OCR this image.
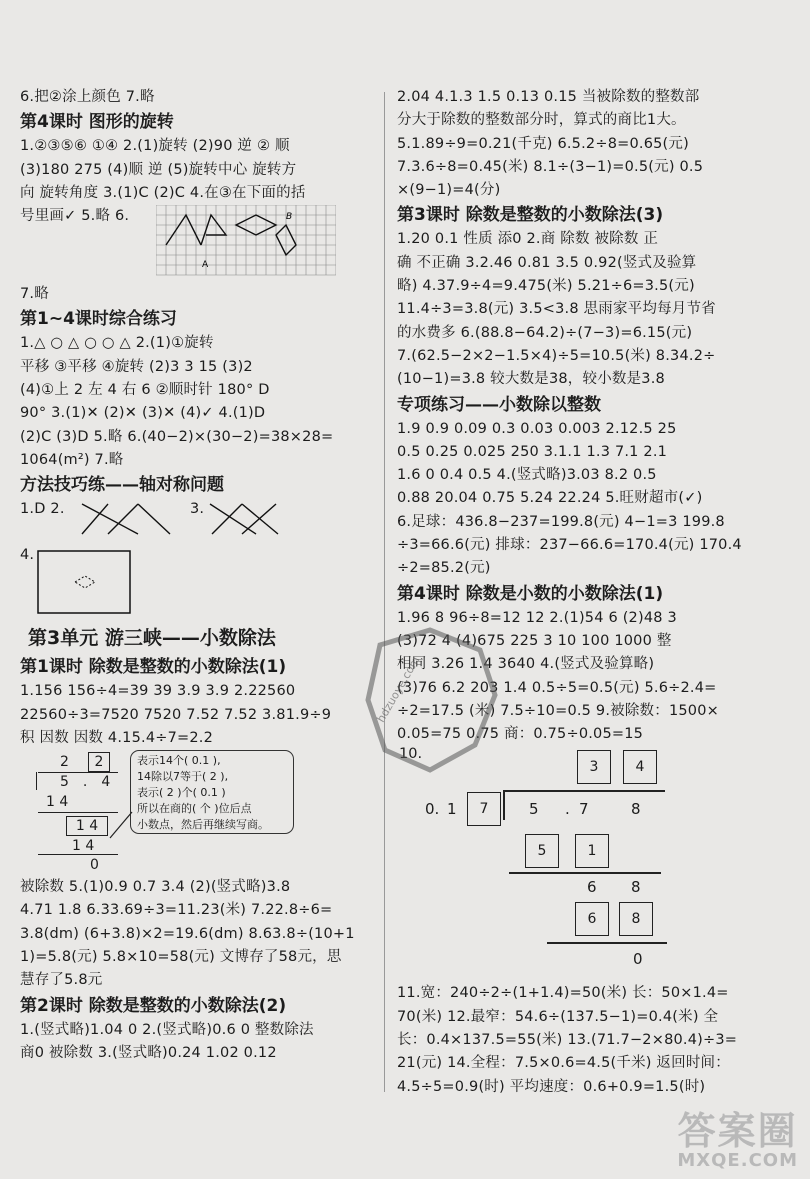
6.把②涂上颜色 7.略
第4课时 图形的旋转
1.②③⑤⑥ ①④ 2.(1)旋转 (2)90 逆 ② 顺
(3)180 275 (4)顺 逆 (5)旋转中心 旋转方
向 旋转角度 3.(1)C (2)C 4.在③在下面的括
号里画✓ 5.略 6.
A
B
7.略
第1~4课时综合练习
1.△ ○ △ ○ ○ △ 2.(1)①旋转
平移 ③平移 ④旋转 (2)3 3 15 (3)2
(4)①上 2 左 4 右 6 ②顺时针 180° D
90° 3.(1)✕ (2)✕ (3)✕ (4)✓ 4.(1)D
(2)C (3)D 5.略 6.(40−2)×(30−2)=38×28=
1064(m²) 7.略
方法技巧练——轴对称问题
1.D 2.	3.
4.
第3单元 游三峡——小数除法
第1课时 除数是整数的小数除法(1)
1.156 156÷4=39 39 3.9 3.9 2.22560
22560÷3=7520 7520 7.52 7.52 3.81.9÷9
积 因数 因数 4.15.4÷7=2.2
2	2
5.4
1 4
1 4
1 4
0
表示14个( 0.1 ),
14除以7等于( 2 ),
表示( 2 )个( 0.1 )
所以在商的( 个 )位后点
小数点，然后再继续写商。
被除数 5.(1)0.9 0.7 3.4 (2)(竖式略)3.8
4.71 1.8 6.33.69÷3=11.23(米) 7.22.8÷6=
3.8(dm) (6+3.8)×2=19.6(dm) 8.63.8÷(10+1
1)=5.8(元) 5.8×10=58(元) 文博存了58元，思
慧存了5.8元
第2课时 除数是整数的小数除法(2)
1.(竖式略)1.04 0 2.(竖式略)0.6 0 整数除法
商0 被除数 3.(竖式略)0.24 1.02 0.12
2.04 4.1.3 1.5 0.13 0.15 当被除数的整数部
分大于除数的整数部分时，算式的商比1大。
5.1.89÷9=0.21(千克) 6.5.2÷8=0.65(元)
7.3.6÷8=0.45(米) 8.1÷(3−1)=0.5(元) 0.5
×(9−1)=4(分)
第3课时 除数是整数的小数除法(3)
1.20 0.1 性质 添0 2.商 除数 被除数 正
确 不正确 3.2.46 0.81 3.5 0.92(竖式及验算
略) 4.37.9÷4=9.475(米) 5.21÷6=3.5(元)
11.4÷3=3.8(元) 3.5<3.8 思雨家平均每月节省
的水费多 6.(88.8−64.2)÷(7−3)=6.15(元)
7.(62.5−2×2−1.5×4)÷5=10.5(米) 8.34.2÷
(10−1)=3.8 较大数是38，较小数是3.8
专项练习——小数除以整数
1.9 0.9 0.09 0.3 0.03 0.003 2.12.5 25
0.5 0.25 0.025 250 3.1.1 1.3 7.1 2.1
1.6 0 0.4 0.5 4.(竖式略)3.03 8.2 0.5
0.88 20.04 0.75 5.24 22.24 5.旺财超市(✓)
6.足球：436.8−237=199.8(元) 4−1=3 199.8
÷3=66.6(元) 排球：237−66.6=170.4(元) 170.4
÷2=85.2(元)
第4课时 除数是小数的小数除法(1)
1.96 8 96÷8=12 12 2.(1)54 6 (2)48 3
(3)72 4 (4)675 225 3 10 100 1000 整
相同 3.26 1.4 3640 4.(竖式及验算略)
(3)76 6.2 203 1.4 0.5÷5=0.5(元) 5.6÷2.4=
÷2=17.5 (米) 7.5÷10=0.5 9.被除数：1500×
0.05=75 0.75 商：0.75÷0.05=15
10.
3	4
0. 1	7	5 . 7	8
5	1
6 8
6	8
0
11.宽：240÷2÷(1+1.4)=50(米) 长：50×1.4=
70(米) 12.最窄：54.6÷(137.5−1)=0.4(米) 全
长：0.4×137.5=55(米) 13.(71.7−2×80.4)÷3=
21(元) 14.全程：7.5×0.6=4.5(千米) 返回时间：
4.5÷5=0.9(时) 平均速度：0.6+0.9=1.5(时)
hdzuoye.com
答案圈
MXQE.COM
